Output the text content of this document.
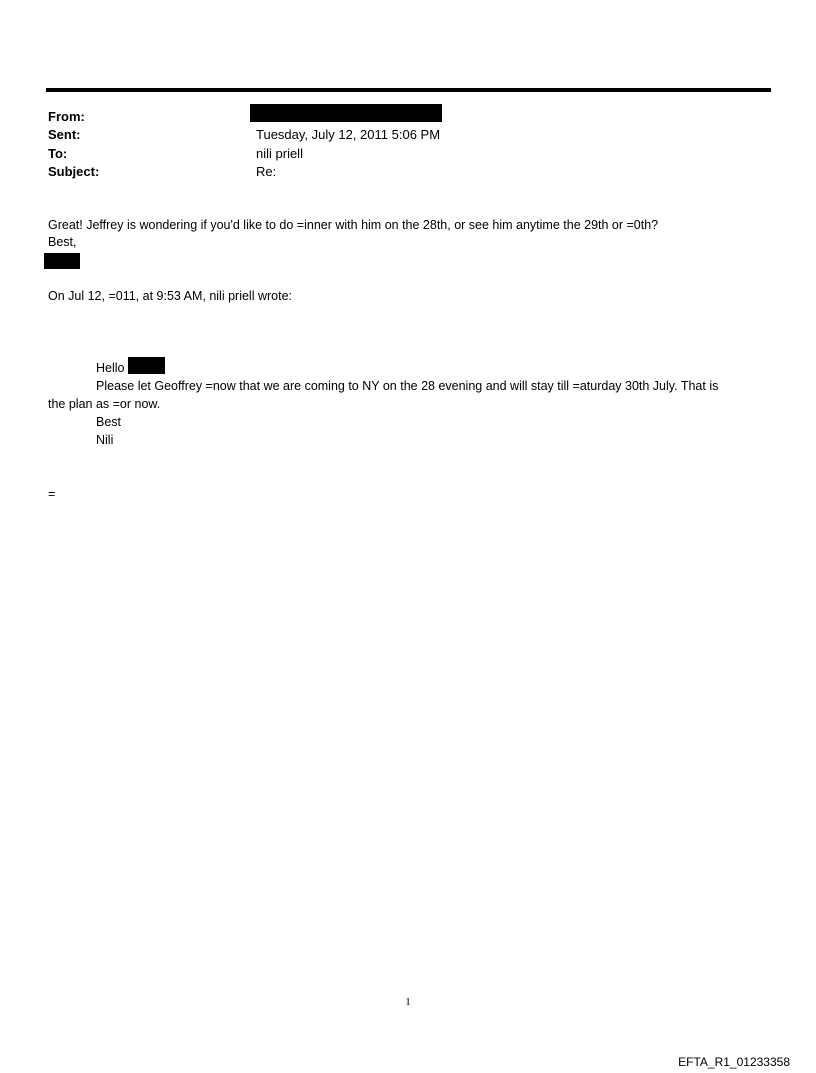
From:
Sent:	Tuesday, July 12, 2011 5:06 PM
To:	nili priell
Subject:	Re:
Great! Jeffrey is wondering if you'd like to do =inner with him on the 28th, or see him anytime the 29th or =0th?
Best,
On Jul 12, =011, at 9:53 AM, nili priell wrote:
Hello
Please let Geoffrey =now that we are coming to NY on the 28 evening and will stay till =aturday 30th July. That is
the plan as =or now.
Best
Nili
=
1
EFTA_R1_01233358
